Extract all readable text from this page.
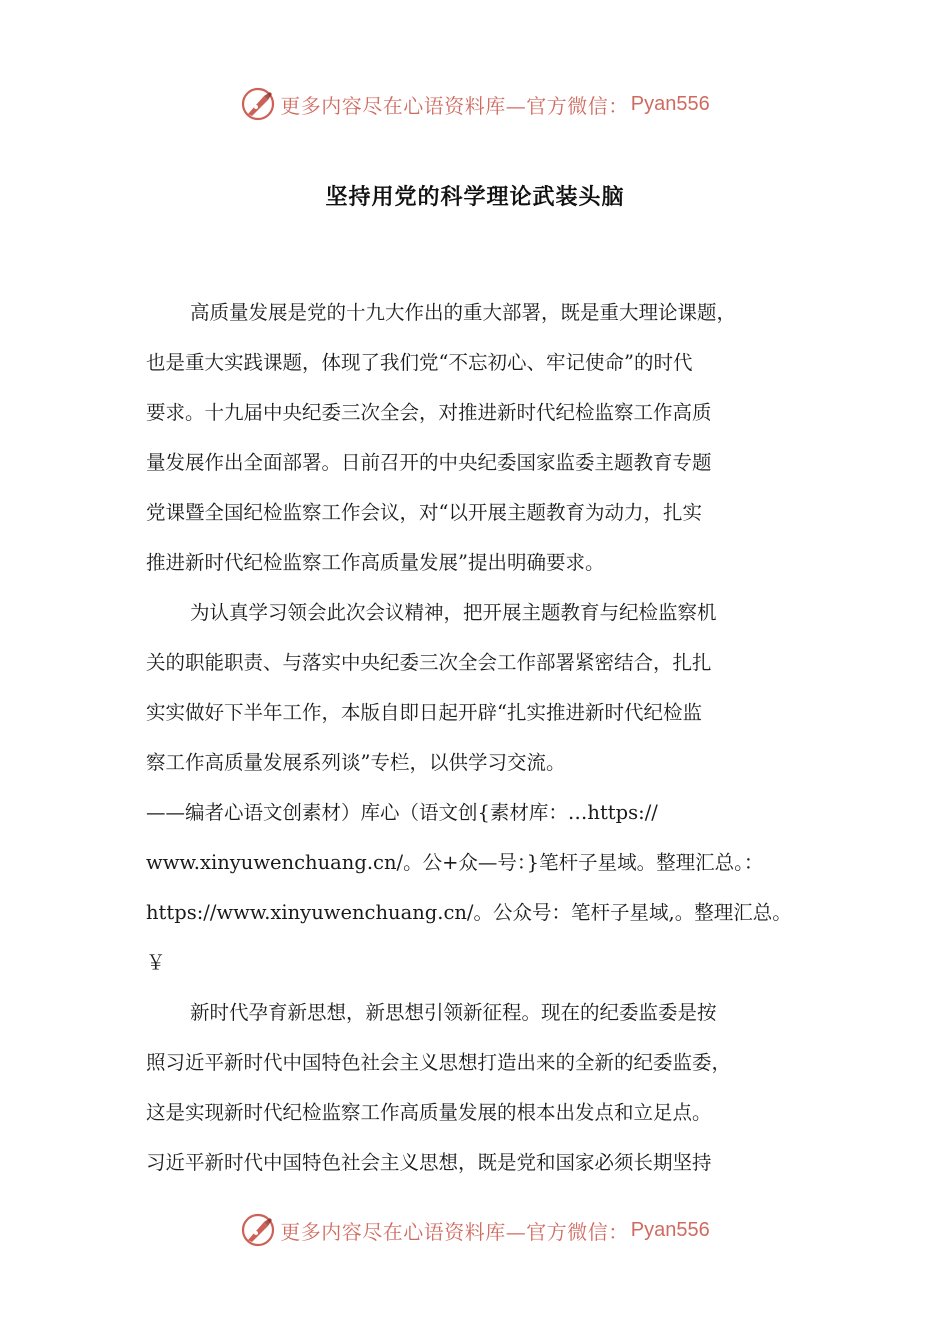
更多内容尽在心语资料库—官方微信： Pyan556
坚持用党的科学理论武装头脑
高质量发展是党的十九大作出的重大部署，既是重大理论课题，
也是重大实践课题，体现了我们党“不忘初心、牢记使命”的时代
要求。十九届中央纪委三次全会，对推进新时代纪检监察工作高质
量发展作出全面部署。日前召开的中央纪委国家监委主题教育专题
党课暨全国纪检监察工作会议，对“以开展主题教育为动力，扎实
推进新时代纪检监察工作高质量发展”提出明确要求。
为认真学习领会此次会议精神，把开展主题教育与纪检监察机
关的职能职责、与落实中央纪委三次全会工作部署紧密结合，扎扎
实实做好下半年工作，本版自即日起开辟“扎实推进新时代纪检监
察工作高质量发展系列谈”专栏，以供学习交流。
——编者心语文创素材）库心（语文创{素材库：…https://
www.xinyuwenchuang.cn/。公+众—号：}笔杆子星域。整理汇总。：
https://www.xinyuwenchuang.cn/。公众号：笔杆子星域,。整理汇总。
￥
新时代孕育新思想，新思想引领新征程。现在的纪委监委是按
照习近平新时代中国特色社会主义思想打造出来的全新的纪委监委，
这是实现新时代纪检监察工作高质量发展的根本出发点和立足点。
习近平新时代中国特色社会主义思想，既是党和国家必须长期坚持
更多内容尽在心语资料库—官方微信： Pyan556
